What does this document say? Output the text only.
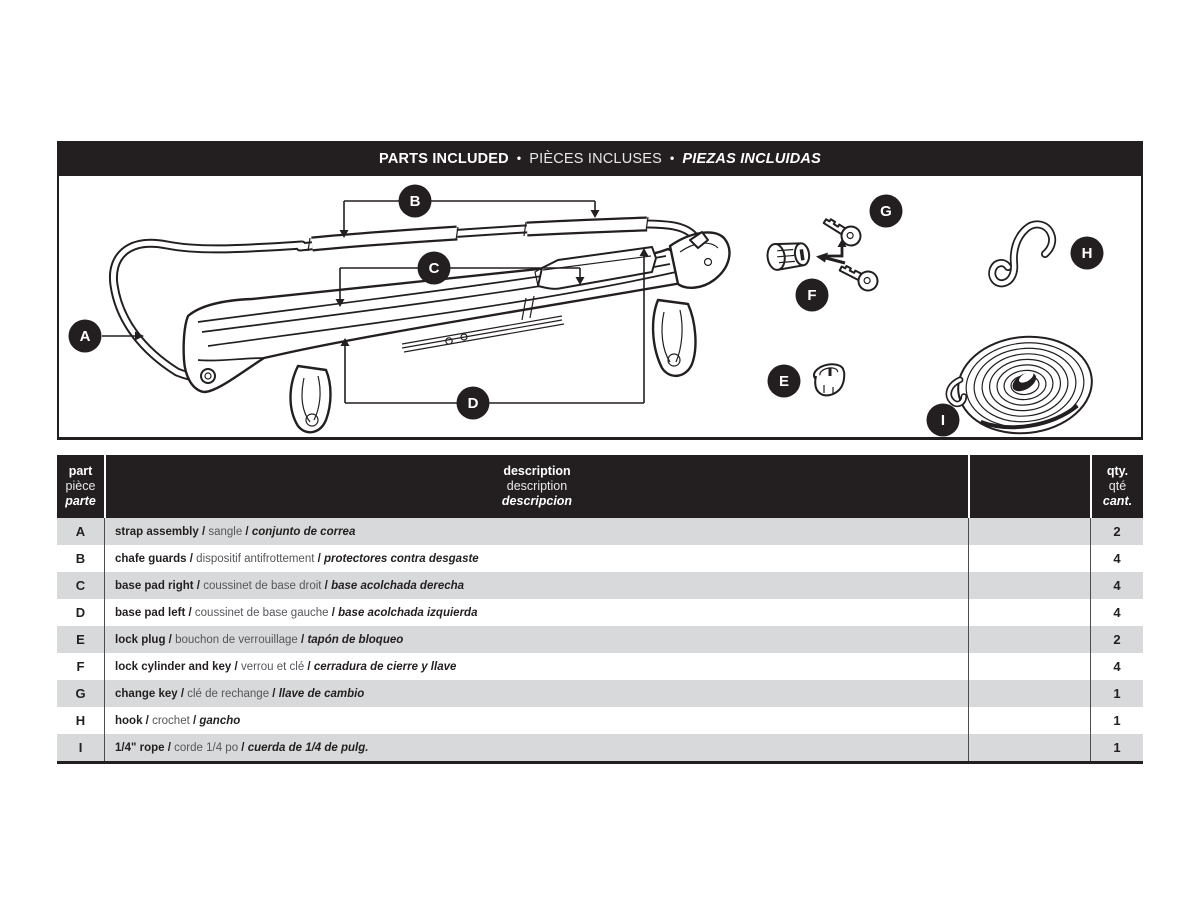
PARTS INCLUDED • PIÈCES INCLUSES • PIEZAS INCLUIDAS
A
B
C
D
E
F
G
H
I
part
pièce
parte
description
description
descripcion
qty.
qté
cant.
A	strap assembly / sangle / conjunto de correa	2
B	chafe guards / dispositif antifrottement / protectores contra desgaste	4
C	base pad right / coussinet de base droit / base acolchada derecha	4
D	base pad left / coussinet de base gauche / base acolchada izquierda	4
E	lock plug / bouchon de verrouillage / tapón de bloqueo	2
F	lock cylinder and key / verrou et clé / cerradura de cierre y llave	4
G	change key / clé de rechange / llave de cambio	1
H	hook / crochet / gancho	1
I	1/4" rope / corde 1/4 po / cuerda de 1/4 de pulg.	1
